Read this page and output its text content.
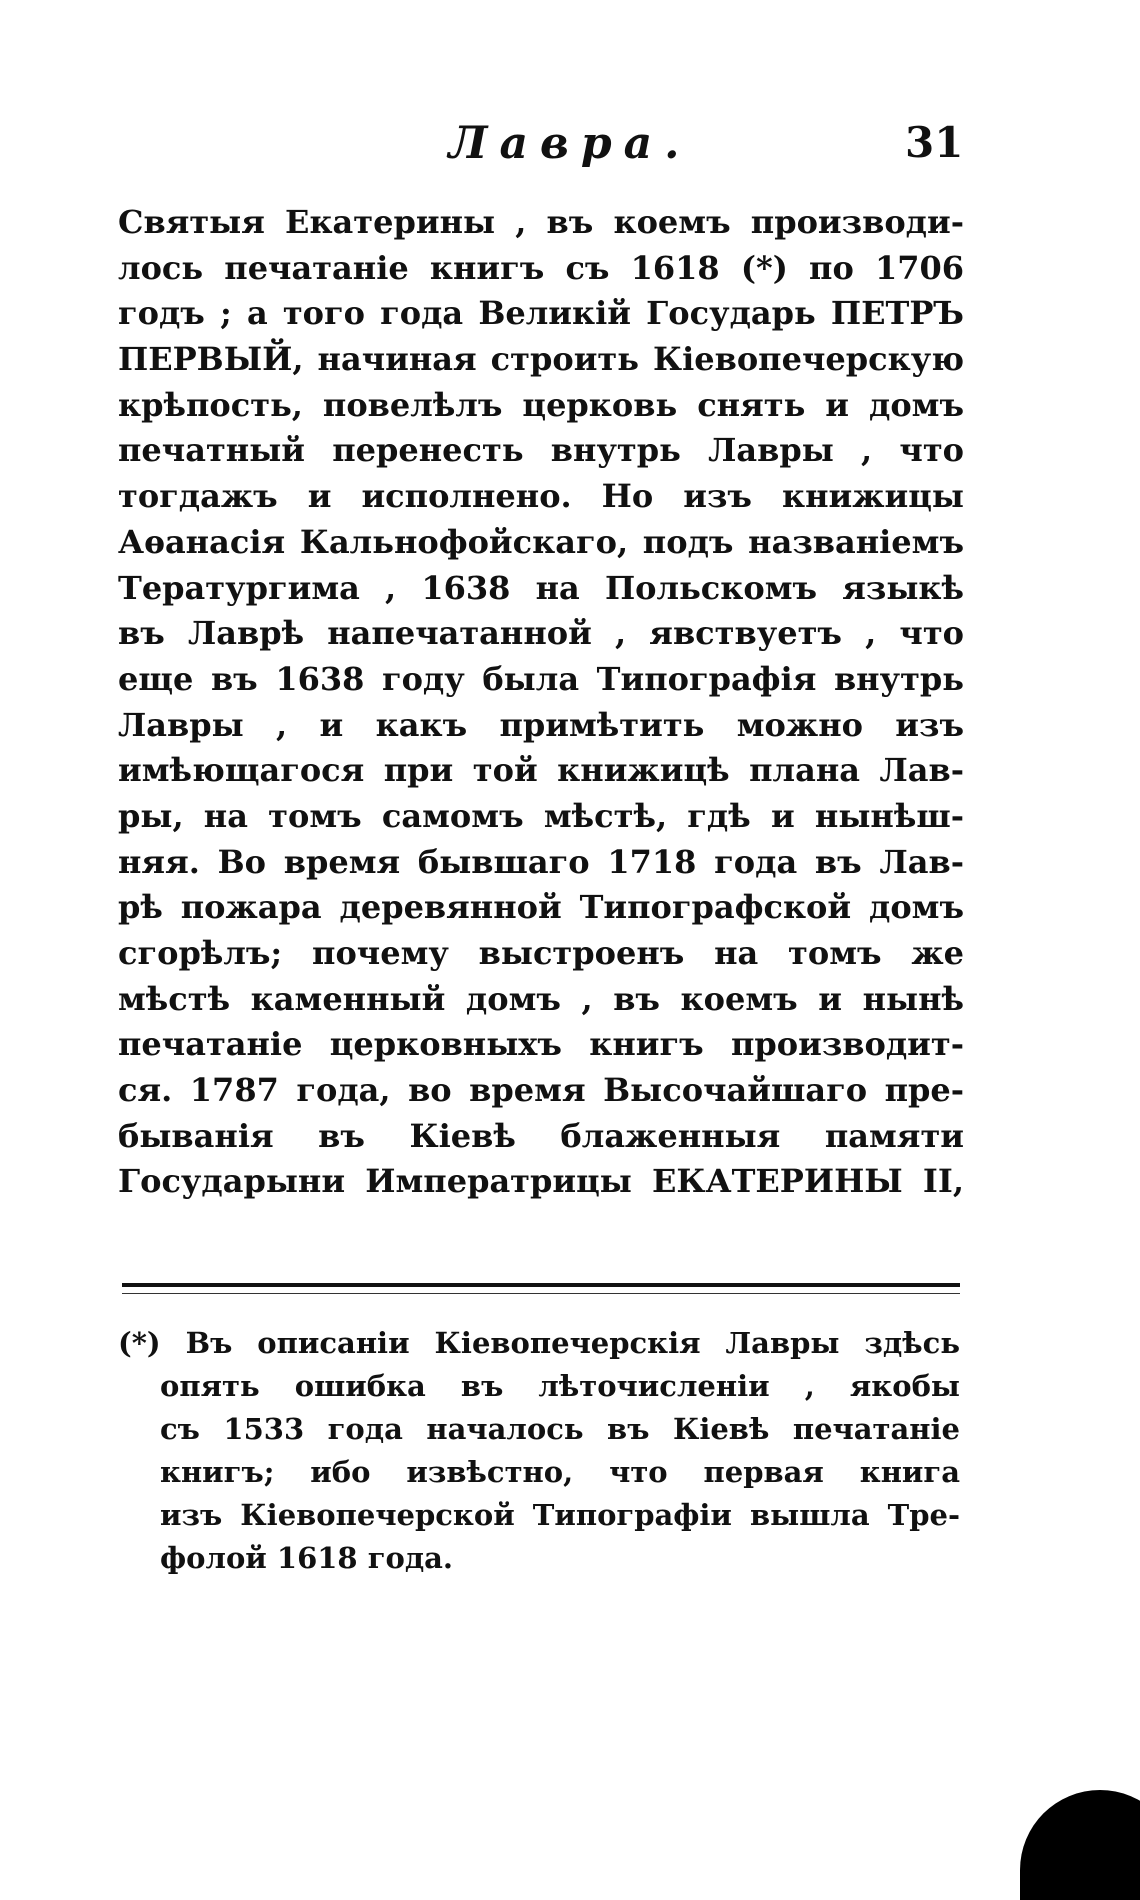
Лавра.	31
Святыя Екатерины , въ коемъ производи-
лось печатаніе книгъ съ 1618 (*) по 1706
годъ ; а того года Великій Государь ПЕТРЪ
ПЕРВЫЙ, начиная строить Кіевопечерскую
крѣпость, повелѣлъ церковь снять и домъ
печатный перенесть внутрь Лавры , что
тогдажъ и исполнено. Но изъ книжицы
Аѳанасія Кальнофойскаго, подъ названіемъ
Тератургима , 1638 на Польскомъ языкѣ
въ Лаврѣ напечатанной , явствуетъ , что
еще въ 1638 году была Типографія внутрь
Лавры , и какъ примѣтить можно изъ
имѣющагося при той книжицѣ плана Лав-
ры, на томъ самомъ мѣстѣ, гдѣ и нынѣш-
няя. Во время бывшаго 1718 года въ Лав-
рѣ пожара деревянной Типографской домъ
сгорѣлъ; почему выстроенъ на томъ же
мѣстѣ каменный домъ , въ коемъ и нынѣ
печатаніе церковныхъ книгъ производит-
ся. 1787 года, во время Высочайшаго пре-
быванія въ Кіевѣ блаженныя памяти
Государыни Императрицы ЕКАТЕРИНЫ II,
(*) Въ описаніи Кіевопечерскія Лавры здѣсь
опять ошибка въ лѣточисленіи , якобы
съ 1533 года началось въ Кіевѣ печатаніе
книгъ; ибо извѣстно, что первая книга
изъ Кіевопечерской Типографіи вышла Тре-
фолой 1618 года.
